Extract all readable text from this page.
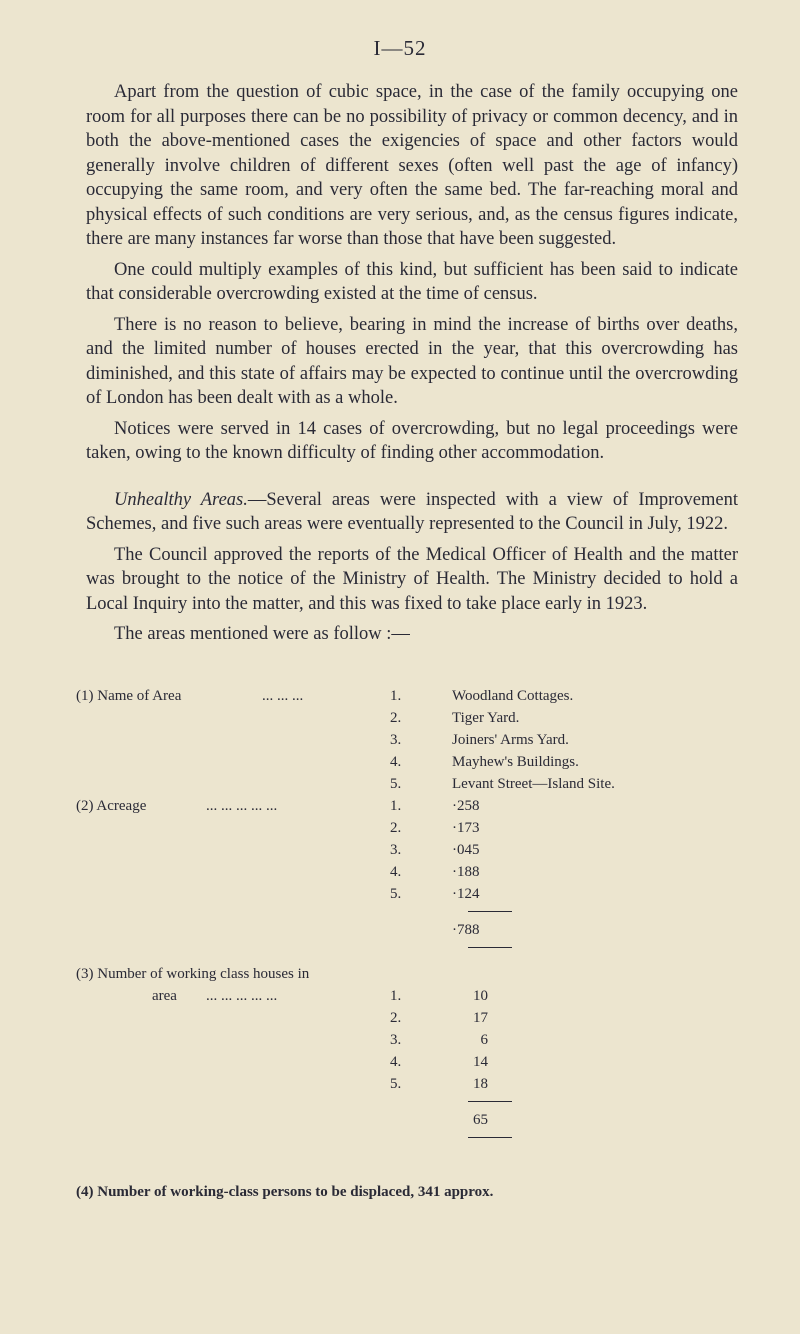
I—52

Apart from the question of cubic space, in the case of the family occupying one room for all purposes there can be no possibility of privacy or common decency, and in both the above-mentioned cases the exigencies of space and other factors would generally involve children of different sexes (often well past the age of infancy) occupying the same room, and very often the same bed. The far-reaching moral and physical effects of such conditions are very serious, and, as the census figures indicate, there are many instances far worse than those that have been suggested.

One could multiply examples of this kind, but sufficient has been said to indicate that considerable overcrowding existed at the time of census.

There is no reason to believe, bearing in mind the increase of births over deaths, and the limited number of houses erected in the year, that this overcrowding has diminished, and this state of affairs may be expected to continue until the overcrowding of London has been dealt with as a whole.

Notices were served in 14 cases of overcrowding, but no legal proceedings were taken, owing to the known difficulty of finding other accommodation.

Unhealthy Areas.—Several areas were inspected with a view of Improvement Schemes, and five such areas were eventually represented to the Council in July, 1922.

The Council approved the reports of the Medical Officer of Health and the matter was brought to the notice of the Ministry of Health. The Ministry decided to hold a Local Inquiry into the matter, and this was fixed to take place early in 1923.

The areas mentioned were as follow :—

(1) Name of Area	... ... ...	1.	Woodland Cottages.
2.	Tiger Yard.
3.	Joiners' Arms Yard.
4.	Mayhew's Buildings.
5.	Levant Street—Island Site.
(2) Acreage	... ... ... ... ...	1.	·258
2.	·173
3.	·045
4.	·188
5.	·124
·788
(3) Number of working class houses in
area ... ... ... ... ...	1.	10
2.	17
3.	6
4.	14
5.	18
65
(4) Number of working-class persons to be displaced, 341 approx.
